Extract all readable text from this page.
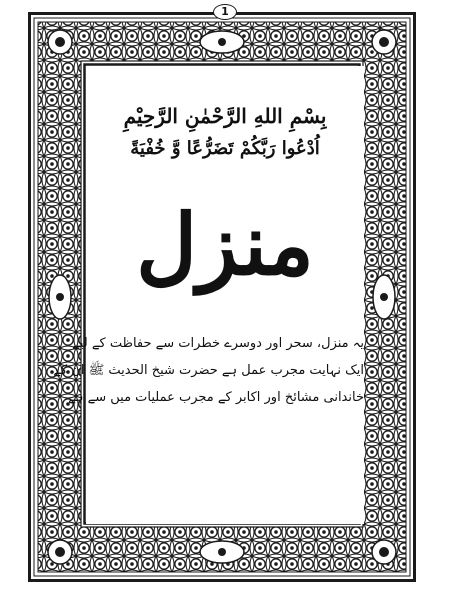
1
بِسْمِ اللهِ الرَّحْمٰنِ الرَّحِيْمِ
اُدْعُوا رَبَّكُمْ تَضَرُّعًا وَّ خُفْيَةً
منزل
یہ منزل، سحر اور دوسرے خطرات سے حفاظت کے لیے
ایک نہایت مجرب عمل ہے حضرت شیخ الحدیث ﷺ ان کے
خاندانی مشائخ اور اکابر کے مجرب عملیات میں سے ہے
